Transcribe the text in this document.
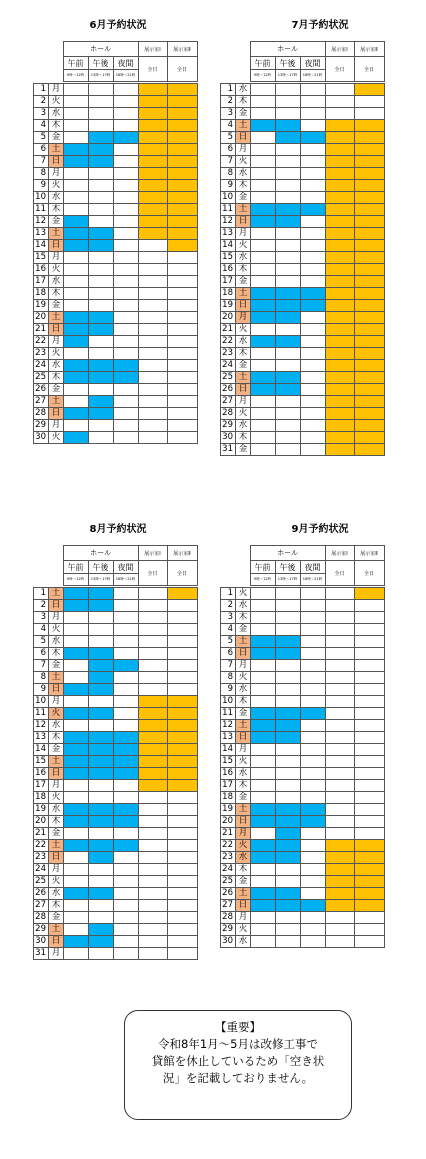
6月予約状況
	ホール			展示室Ⅰ	展示室Ⅱ
	午前	午後	夜間	全日	全日
	9時～12時	13時～17時	18時～21時		
1	月					
2	火					
3	水					
4	木					
5	金					
6	土					
7	日					
8	月					
9	火					
10	水					
11	木					
12	金					
13	土					
14	日					
15	月					
16	火					
17	水					
18	木					
19	金					
20	土					
21	日					
22	月					
23	火					
24	水					
25	木					
26	金					
27	土					
28	日					
29	月					
30	火					
7月予約状況
	ホール			展示室Ⅰ	展示室Ⅱ
	午前	午後	夜間	全日	全日
	9時～12時	13時～17時	18時～21時		
1	水					
2	木					
3	金					
4	土					
5	日					
6	月					
7	火					
8	水					
9	木					
10	金					
11	土					
12	日					
13	月					
14	火					
15	水					
16	木					
17	金					
18	土					
19	日					
20	月					
21	火					
22	水					
23	木					
24	金					
25	土					
26	日					
27	月					
28	火					
29	水					
30	木					
31	金					
8月予約状況
	ホール			展示室Ⅰ	展示室Ⅱ
	午前	午後	夜間	全日	全日
	9時～12時	13時～17時	18時～21時		
1	土					
2	日					
3	月					
4	火					
5	水					
6	木					
7	金					
8	土					
9	日					
10	月					
11	火					
12	水					
13	木					
14	金					
15	土					
16	日					
17	月					
18	火					
19	水					
20	木					
21	金					
22	土					
23	日					
24	月					
25	火					
26	水					
27	木					
28	金					
29	土					
30	日					
31	月					
9月予約状況
	ホール			展示室Ⅰ	展示室Ⅱ
	午前	午後	夜間	全日	全日
	9時～12時	13時～17時	18時～21時		
1	火					
2	水					
3	木					
4	金					
5	土					
6	日					
7	月					
8	火					
9	水					
10	木					
11	金					
12	土					
13	日					
14	月					
15	火					
16	水					
17	木					
18	金					
19	土					
20	日					
21	月					
22	火					
23	水					
24	木					
25	金					
26	土					
27	日					
28	月					
29	火					
30	水					
【重要】
令和8年1月～5月は改修工事で
貸館を休止しているため「空き状
況」を記載しておりません。
